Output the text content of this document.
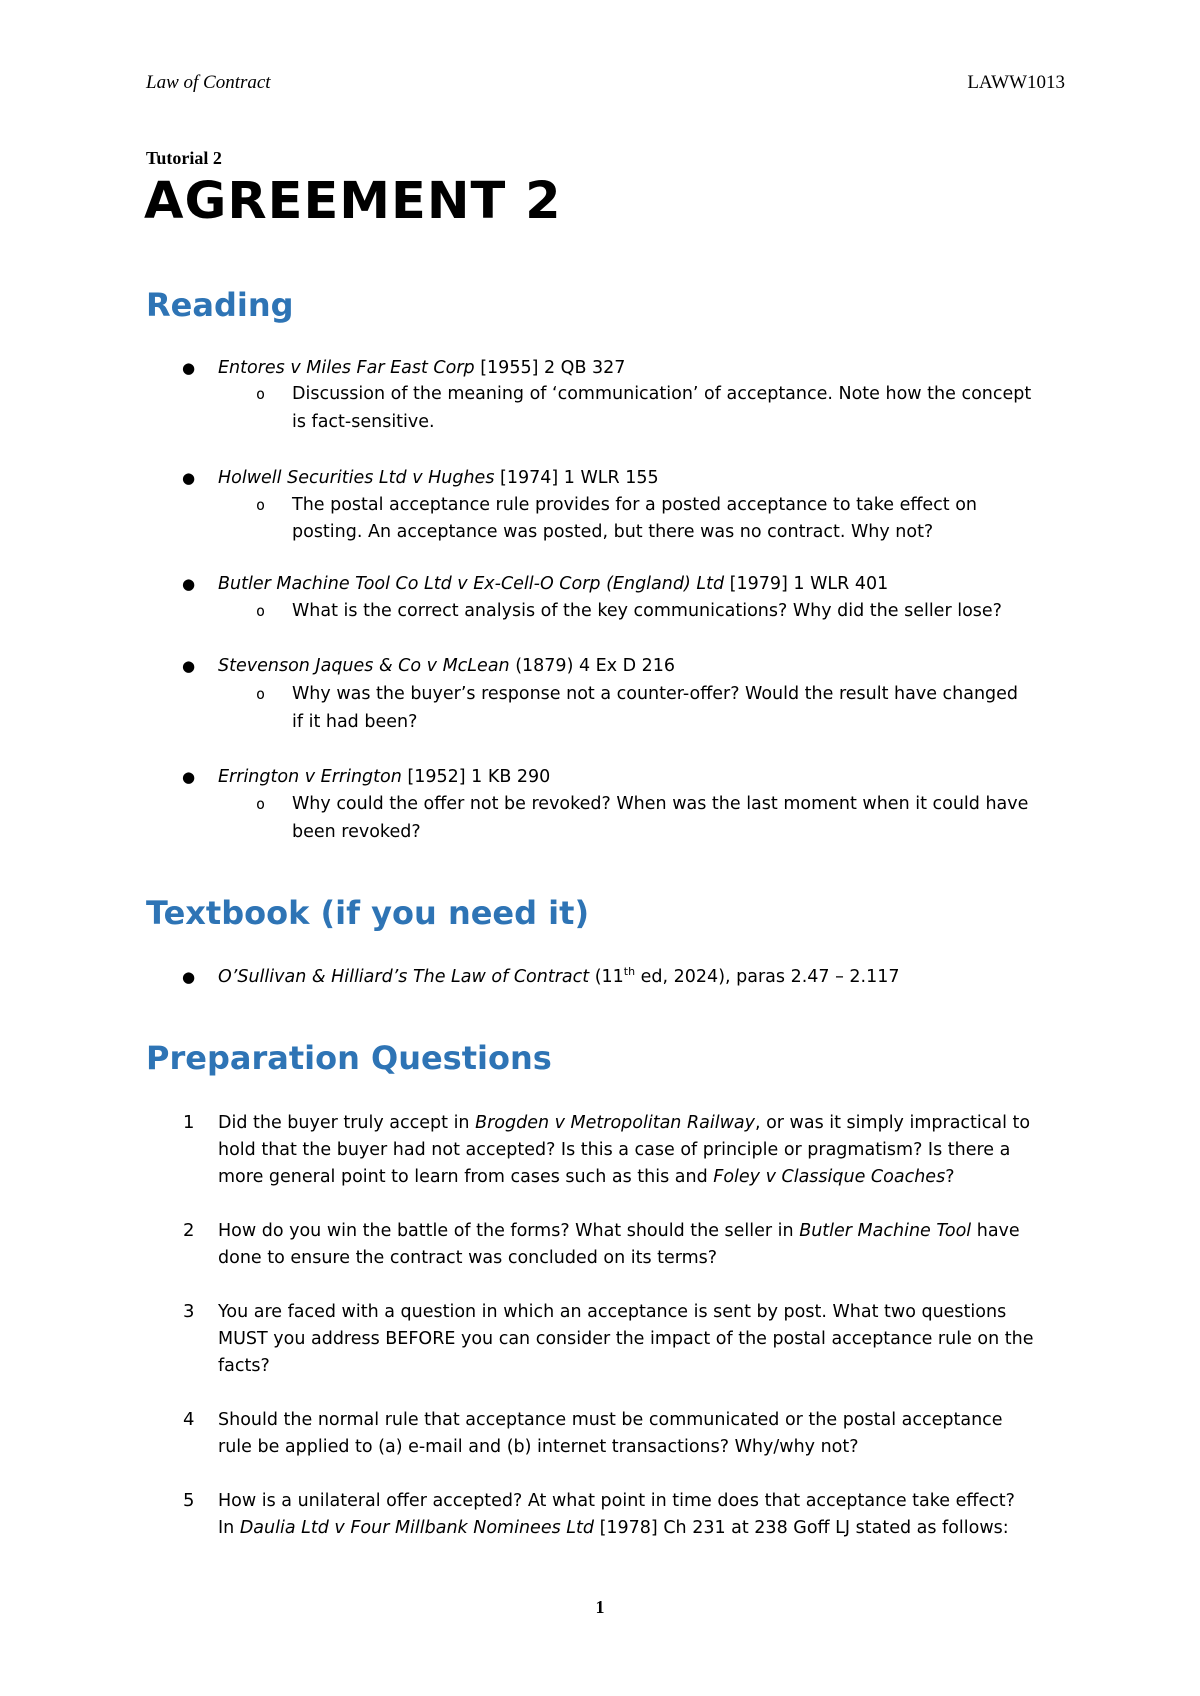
Law of Contract	LAWW1013
Tutorial 2
AGREEMENT 2
Reading
● Entores v Miles Far East Corp [1955] 2 QB 327
o Discussion of the meaning of ‘communication’ of acceptance. Note how the concept
is fact-sensitive.
● Holwell Securities Ltd v Hughes [1974] 1 WLR 155
o The postal acceptance rule provides for a posted acceptance to take effect on
posting. An acceptance was posted, but there was no contract. Why not?
● Butler Machine Tool Co Ltd v Ex-Cell-O Corp (England) Ltd [1979] 1 WLR 401
o What is the correct analysis of the key communications? Why did the seller lose?
● Stevenson Jaques & Co v McLean (1879) 4 Ex D 216
o Why was the buyer’s response not a counter-offer? Would the result have changed
if it had been?
● Errington v Errington [1952] 1 KB 290
o Why could the offer not be revoked? When was the last moment when it could have
been revoked?
Textbook (if you need it)
● O’Sullivan & Hilliard’s The Law of Contract (11th ed, 2024), paras 2.47 – 2.117
Preparation Questions
1 Did the buyer truly accept in Brogden v Metropolitan Railway, or was it simply impractical to
hold that the buyer had not accepted? Is this a case of principle or pragmatism? Is there a
more general point to learn from cases such as this and Foley v Classique Coaches?
2 How do you win the battle of the forms? What should the seller in Butler Machine Tool have
done to ensure the contract was concluded on its terms?
3 You are faced with a question in which an acceptance is sent by post. What two questions
MUST you address BEFORE you can consider the impact of the postal acceptance rule on the
facts?
4 Should the normal rule that acceptance must be communicated or the postal acceptance
rule be applied to (a) e-mail and (b) internet transactions? Why/why not?
5 How is a unilateral offer accepted? At what point in time does that acceptance take effect?
In Daulia Ltd v Four Millbank Nominees Ltd [1978] Ch 231 at 238 Goff LJ stated as follows:
1
